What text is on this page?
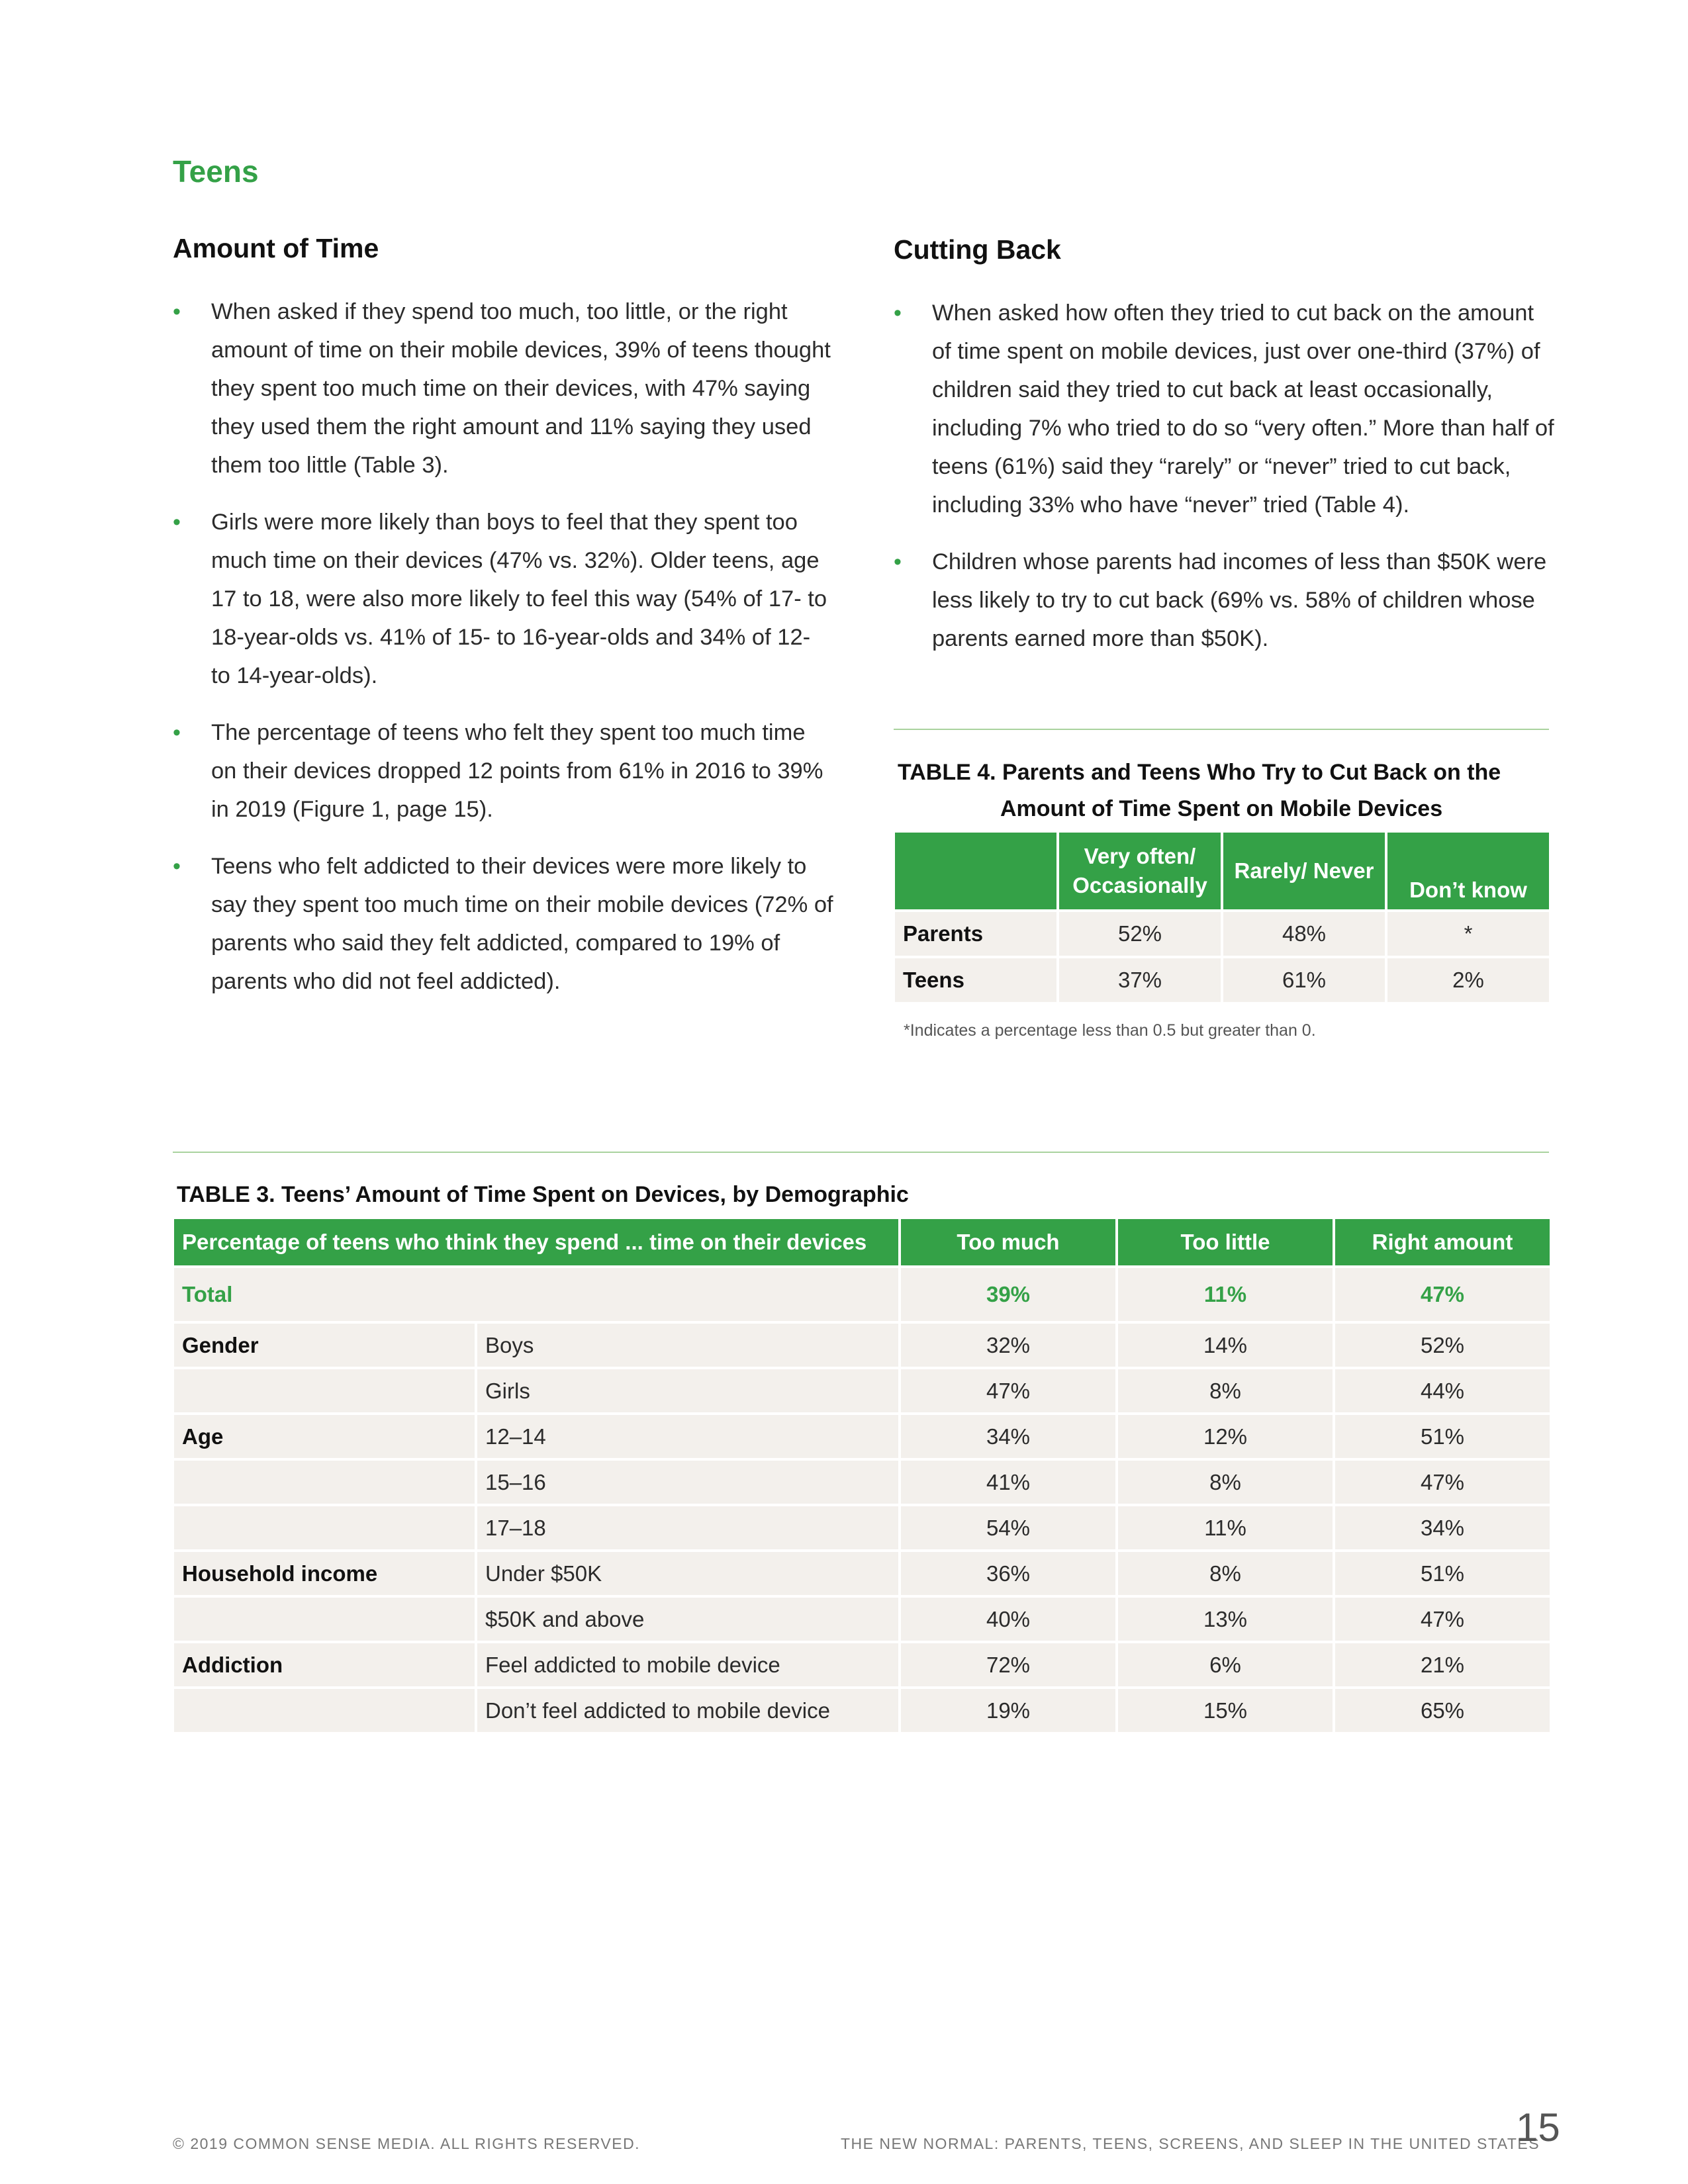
Teens
Amount of Time
• When asked if they spend too much, too little, or the right amount of time on their mobile devices, 39% of teens thought they spent too much time on their devices, with 47% saying they used them the right amount and 11% saying they used them too little (Table 3).
• Girls were more likely than boys to feel that they spent too much time on their devices (47% vs. 32%). Older teens, age 17 to 18, were also more likely to feel this way (54% of 17- to 18-year-olds vs. 41% of 15- to 16-year-olds and 34% of 12- to 14-year-olds).
• The percentage of teens who felt they spent too much time on their devices dropped 12 points from 61% in 2016 to 39% in 2019 (Figure 1, page 15).
• Teens who felt addicted to their devices were more likely to say they spent too much time on their mobile devices (72% of parents who said they felt addicted, compared to 19% of parents who did not feel addicted).
Cutting Back
• When asked how often they tried to cut back on the amount of time spent on mobile devices, just over one-third (37%) of children said they tried to cut back at least occasionally, including 7% who tried to do so “very often.” More than half of teens (61%) said they “rarely” or “never” tried to cut back, including 33% who have “never” tried (Table 4).
• Children whose parents had incomes of less than $50K were less likely to try to cut back (69% vs. 58% of children whose parents earned more than $50K).
TABLE 4. Parents and Teens Who Try to Cut Back on the
Amount of Time Spent on Mobile Devices
	Very often/ Occasionally	Rarely/ Never	Don’t know
Parents	52%	48%	*
Teens	37%	61%	2%
*Indicates a percentage less than 0.5 but greater than 0.
TABLE 3. Teens’ Amount of Time Spent on Devices, by Demographic
Percentage of teens who think they spend ... time on their devices		Too much	Too little	Right amount
Total		39%	11%	47%
Gender	Boys	32%	14%	52%
	Girls	47%	8%	44%
Age	12–14	34%	12%	51%
	15–16	41%	8%	47%
	17–18	54%	11%	34%
Household income	Under $50K	36%	8%	51%
	$50K and above	40%	13%	47%
Addiction	Feel addicted to mobile device	72%	6%	21%
	Don’t feel addicted to mobile device	19%	15%	65%
© 2019 COMMON SENSE MEDIA. ALL RIGHTS RESERVED.	THE NEW NORMAL: PARENTS, TEENS, SCREENS, AND SLEEP IN THE UNITED STATES
15
